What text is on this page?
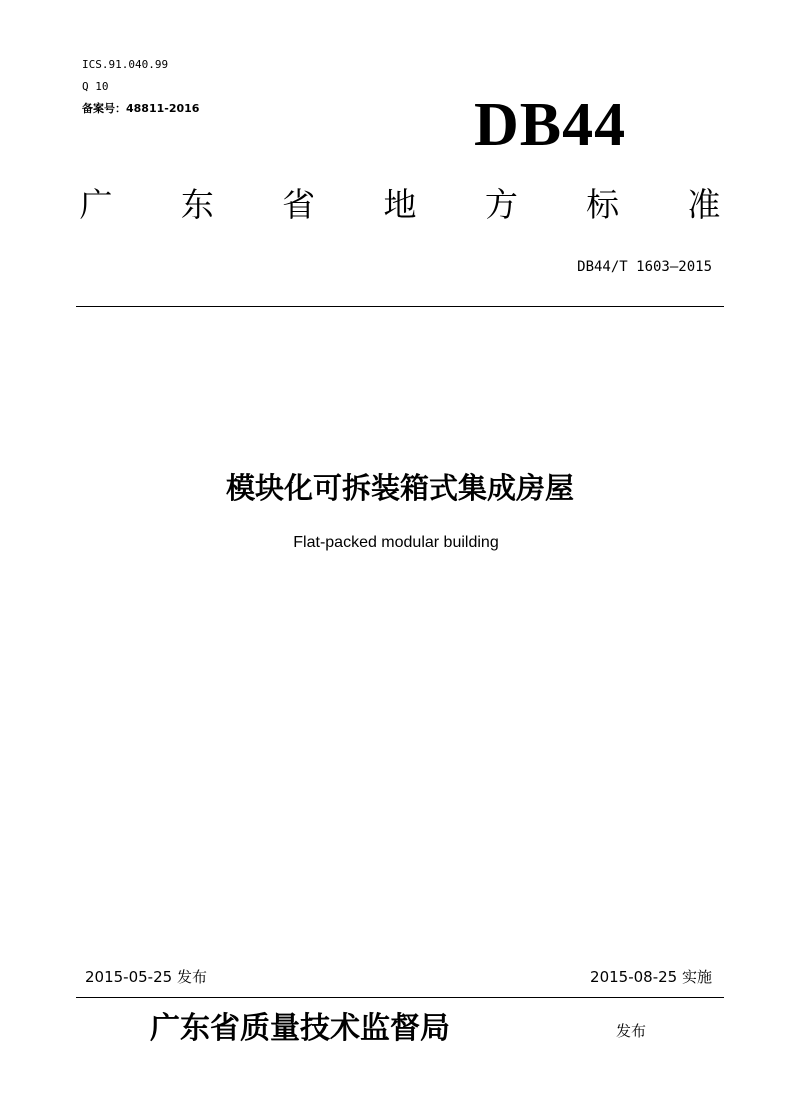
ICS.91.040.99
Q 10
备案号：48811-2016	DB44
广 东 省 地 方 标 准
DB44/T 1603—2015
模块化可拆装箱式集成房屋
Flat-packed modular building
2015-05-25 发布	2015-08-25 实施
广东省质量技术监督局	发布
